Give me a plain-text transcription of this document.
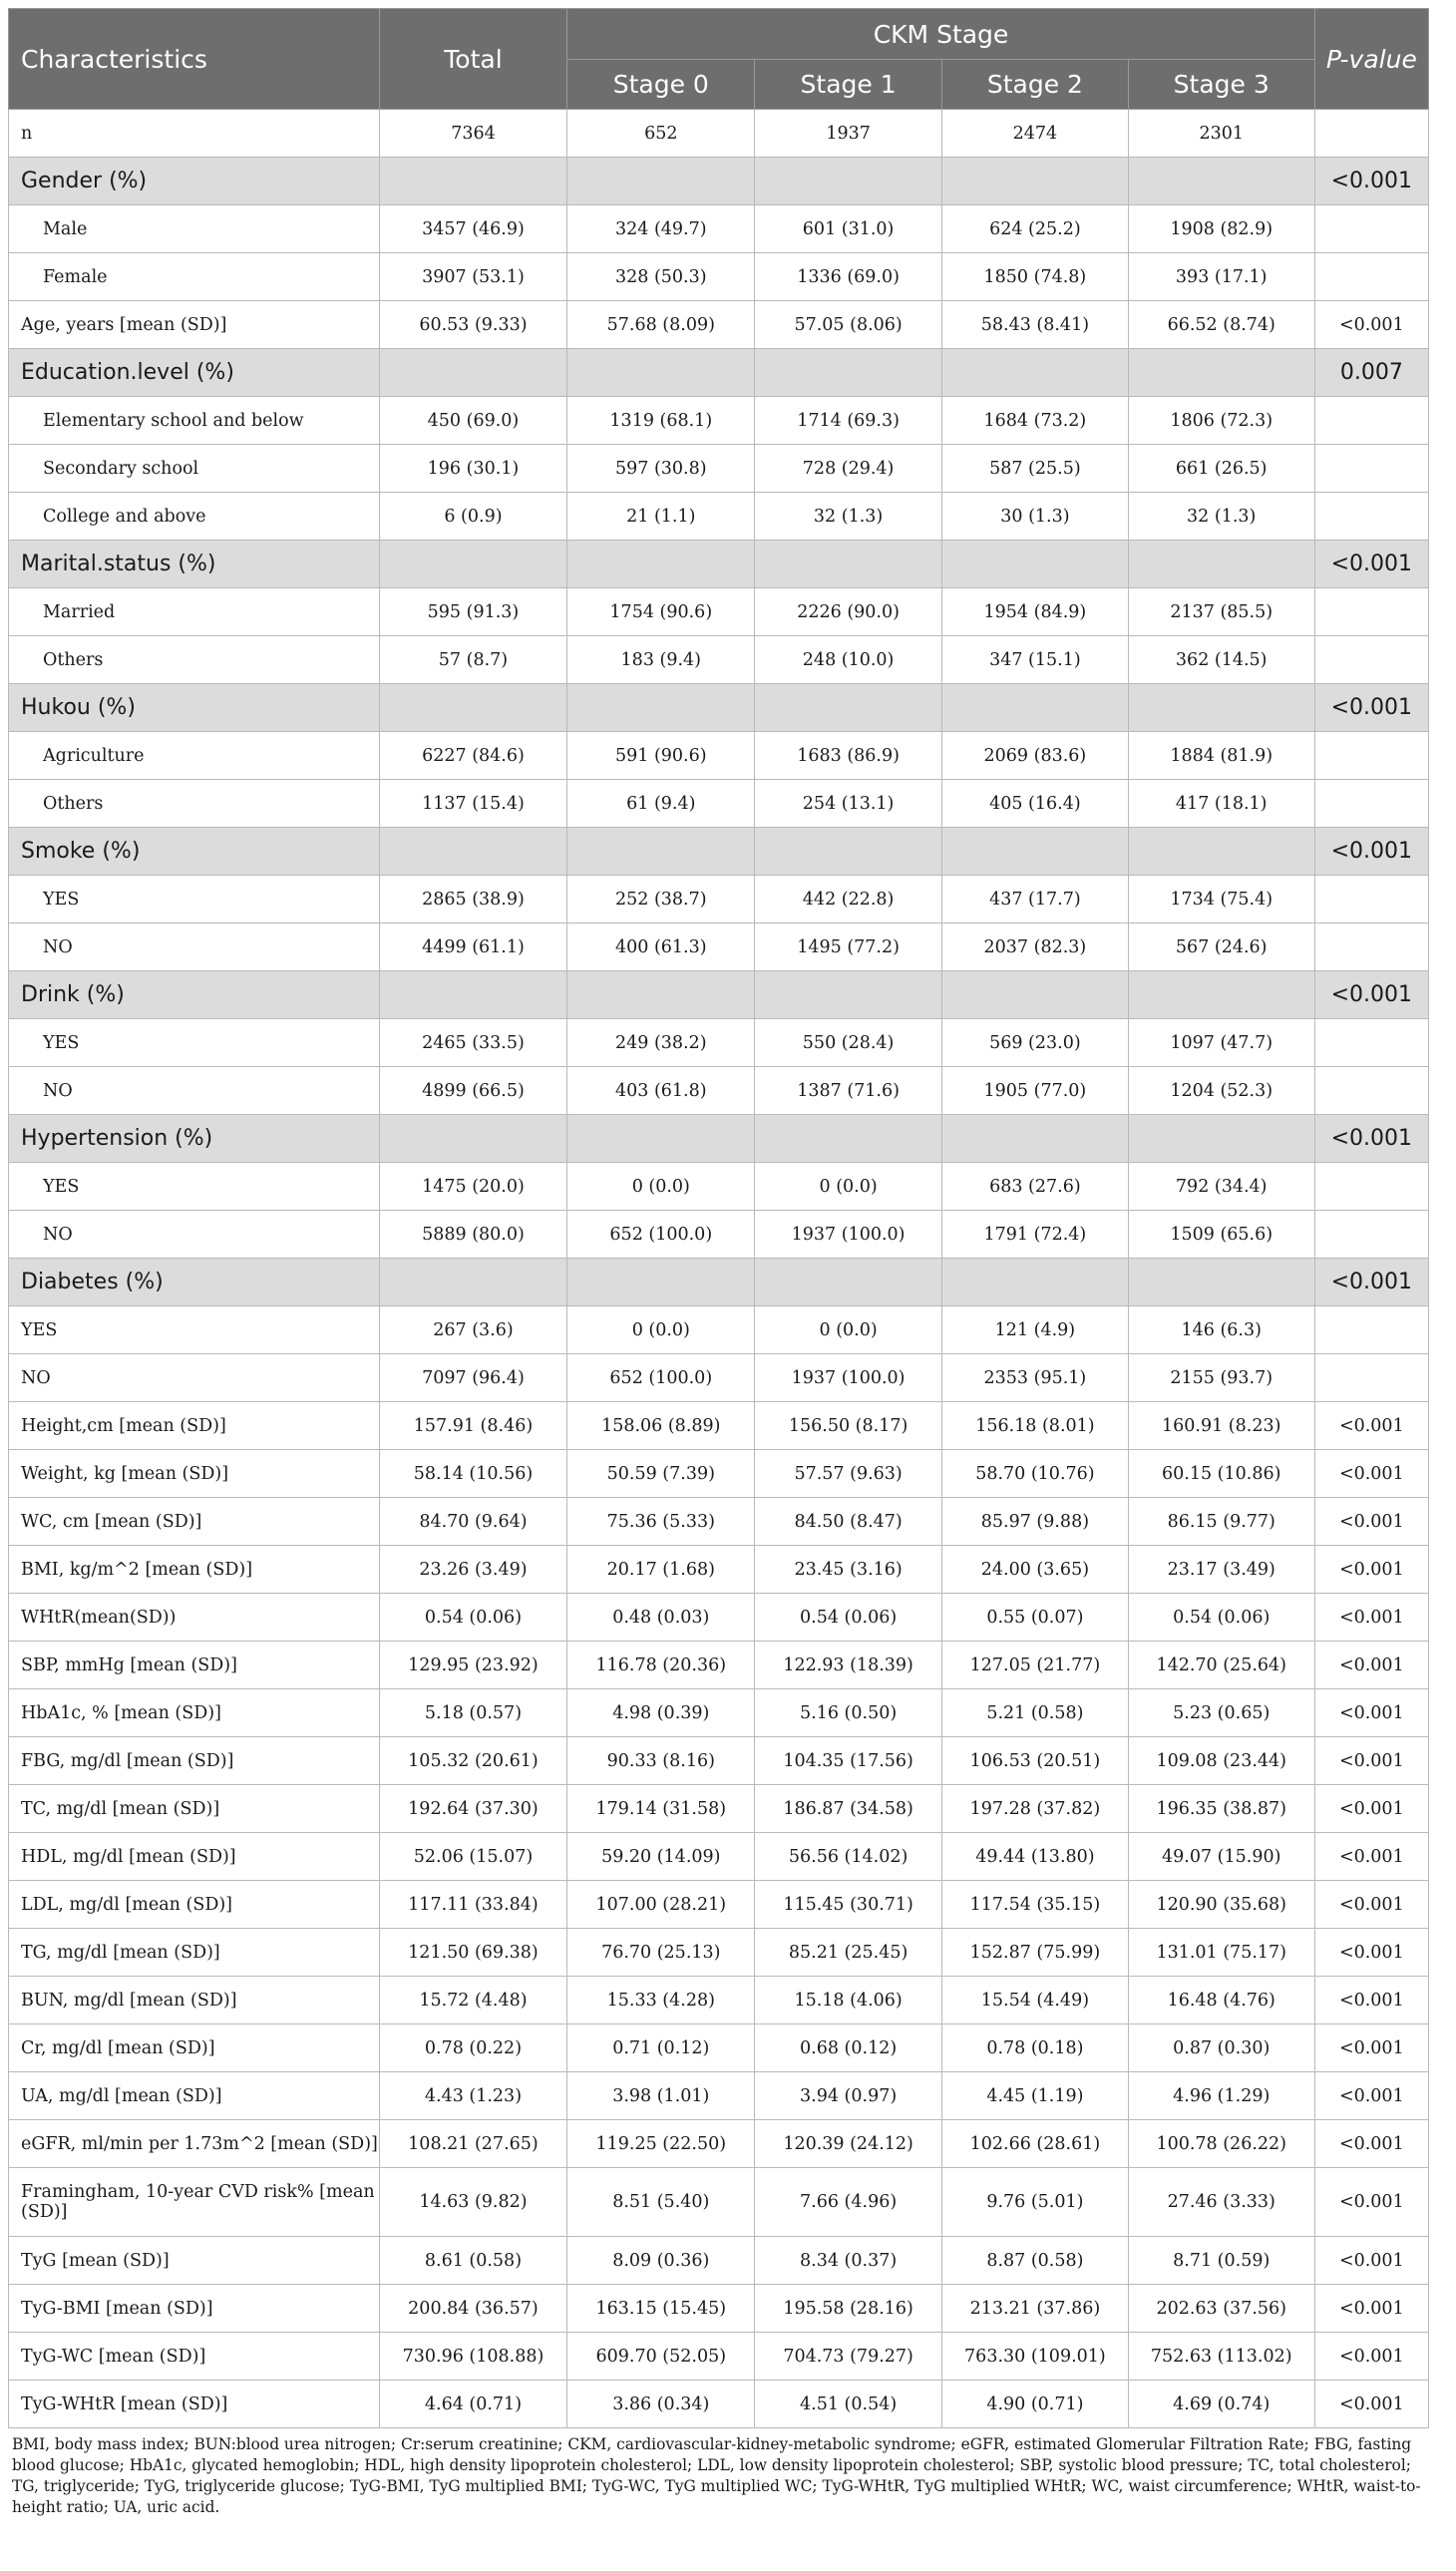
Characteristics	Total	CKM Stage				P-value
		Stage 0	Stage 1	Stage 2	Stage 3	
n	7364	652	1937	2474	2301	
Gender (%)						<0.001
Male	3457 (46.9)	324 (49.7)	601 (31.0)	624 (25.2)	1908 (82.9)	
Female	3907 (53.1)	328 (50.3)	1336 (69.0)	1850 (74.8)	393 (17.1)	
Age, years [mean (SD)]	60.53 (9.33)	57.68 (8.09)	57.05 (8.06)	58.43 (8.41)	66.52 (8.74)	<0.001
Education.level (%)						0.007
Elementary school and below	450 (69.0)	1319 (68.1)	1714 (69.3)	1684 (73.2)	1806 (72.3)	
Secondary school	196 (30.1)	597 (30.8)	728 (29.4)	587 (25.5)	661 (26.5)	
College and above	6 (0.9)	21 (1.1)	32 (1.3)	30 (1.3)	32 (1.3)	
Marital.status (%)						<0.001
Married	595 (91.3)	1754 (90.6)	2226 (90.0)	1954 (84.9)	2137 (85.5)	
Others	57 (8.7)	183 (9.4)	248 (10.0)	347 (15.1)	362 (14.5)	
Hukou (%)						<0.001
Agriculture	6227 (84.6)	591 (90.6)	1683 (86.9)	2069 (83.6)	1884 (81.9)	
Others	1137 (15.4)	61 (9.4)	254 (13.1)	405 (16.4)	417 (18.1)	
Smoke (%)						<0.001
YES	2865 (38.9)	252 (38.7)	442 (22.8)	437 (17.7)	1734 (75.4)	
NO	4499 (61.1)	400 (61.3)	1495 (77.2)	2037 (82.3)	567 (24.6)	
Drink (%)						<0.001
YES	2465 (33.5)	249 (38.2)	550 (28.4)	569 (23.0)	1097 (47.7)	
NO	4899 (66.5)	403 (61.8)	1387 (71.6)	1905 (77.0)	1204 (52.3)	
Hypertension (%)						<0.001
YES	1475 (20.0)	0 (0.0)	0 (0.0)	683 (27.6)	792 (34.4)	
NO	5889 (80.0)	652 (100.0)	1937 (100.0)	1791 (72.4)	1509 (65.6)	
Diabetes (%)						<0.001
YES	267 (3.6)	0 (0.0)	0 (0.0)	121 (4.9)	146 (6.3)	
NO	7097 (96.4)	652 (100.0)	1937 (100.0)	2353 (95.1)	2155 (93.7)	
Height,cm [mean (SD)]	157.91 (8.46)	158.06 (8.89)	156.50 (8.17)	156.18 (8.01)	160.91 (8.23)	<0.001
Weight, kg [mean (SD)]	58.14 (10.56)	50.59 (7.39)	57.57 (9.63)	58.70 (10.76)	60.15 (10.86)	<0.001
WC, cm [mean (SD)]	84.70 (9.64)	75.36 (5.33)	84.50 (8.47)	85.97 (9.88)	86.15 (9.77)	<0.001
BMI, kg/m^2 [mean (SD)]	23.26 (3.49)	20.17 (1.68)	23.45 (3.16)	24.00 (3.65)	23.17 (3.49)	<0.001
WHtR(mean(SD))	0.54 (0.06)	0.48 (0.03)	0.54 (0.06)	0.55 (0.07)	0.54 (0.06)	<0.001
SBP, mmHg [mean (SD)]	129.95 (23.92)	116.78 (20.36)	122.93 (18.39)	127.05 (21.77)	142.70 (25.64)	<0.001
HbA1c, % [mean (SD)]	5.18 (0.57)	4.98 (0.39)	5.16 (0.50)	5.21 (0.58)	5.23 (0.65)	<0.001
FBG, mg/dl [mean (SD)]	105.32 (20.61)	90.33 (8.16)	104.35 (17.56)	106.53 (20.51)	109.08 (23.44)	<0.001
TC, mg/dl [mean (SD)]	192.64 (37.30)	179.14 (31.58)	186.87 (34.58)	197.28 (37.82)	196.35 (38.87)	<0.001
HDL, mg/dl [mean (SD)]	52.06 (15.07)	59.20 (14.09)	56.56 (14.02)	49.44 (13.80)	49.07 (15.90)	<0.001
LDL, mg/dl [mean (SD)]	117.11 (33.84)	107.00 (28.21)	115.45 (30.71)	117.54 (35.15)	120.90 (35.68)	<0.001
TG, mg/dl [mean (SD)]	121.50 (69.38)	76.70 (25.13)	85.21 (25.45)	152.87 (75.99)	131.01 (75.17)	<0.001
BUN, mg/dl [mean (SD)]	15.72 (4.48)	15.33 (4.28)	15.18 (4.06)	15.54 (4.49)	16.48 (4.76)	<0.001
Cr, mg/dl [mean (SD)]	0.78 (0.22)	0.71 (0.12)	0.68 (0.12)	0.78 (0.18)	0.87 (0.30)	<0.001
UA, mg/dl [mean (SD)]	4.43 (1.23)	3.98 (1.01)	3.94 (0.97)	4.45 (1.19)	4.96 (1.29)	<0.001
eGFR, ml/min per 1.73m^2 [mean (SD)]	108.21 (27.65)	119.25 (22.50)	120.39 (24.12)	102.66 (28.61)	100.78 (26.22)	<0.001
Framingham, 10-year CVD risk% [mean (SD)]	14.63 (9.82)	8.51 (5.40)	7.66 (4.96)	9.76 (5.01)	27.46 (3.33)	<0.001
TyG [mean (SD)]	8.61 (0.58)	8.09 (0.36)	8.34 (0.37)	8.87 (0.58)	8.71 (0.59)	<0.001
TyG-BMI [mean (SD)]	200.84 (36.57)	163.15 (15.45)	195.58 (28.16)	213.21 (37.86)	202.63 (37.56)	<0.001
TyG-WC [mean (SD)]	730.96 (108.88)	609.70 (52.05)	704.73 (79.27)	763.30 (109.01)	752.63 (113.02)	<0.001
TyG-WHtR [mean (SD)]	4.64 (0.71)	3.86 (0.34)	4.51 (0.54)	4.90 (0.71)	4.69 (0.74)	<0.001
BMI, body mass index; BUN:blood urea nitrogen; Cr:serum creatinine; CKM, cardiovascular-kidney-metabolic syndrome; eGFR, estimated Glomerular Filtration Rate; FBG, fasting blood glucose; HbA1c, glycated hemoglobin; HDL, high density lipoprotein cholesterol; LDL, low density lipoprotein cholesterol; SBP, systolic blood pressure; TC, total cholesterol; TG, triglyceride; TyG, triglyceride glucose; TyG-BMI, TyG multiplied BMI; TyG-WC, TyG multiplied WC; TyG-WHtR, TyG multiplied WHtR; WC, waist circumference; WHtR, waist-to-height ratio; UA, uric acid.
